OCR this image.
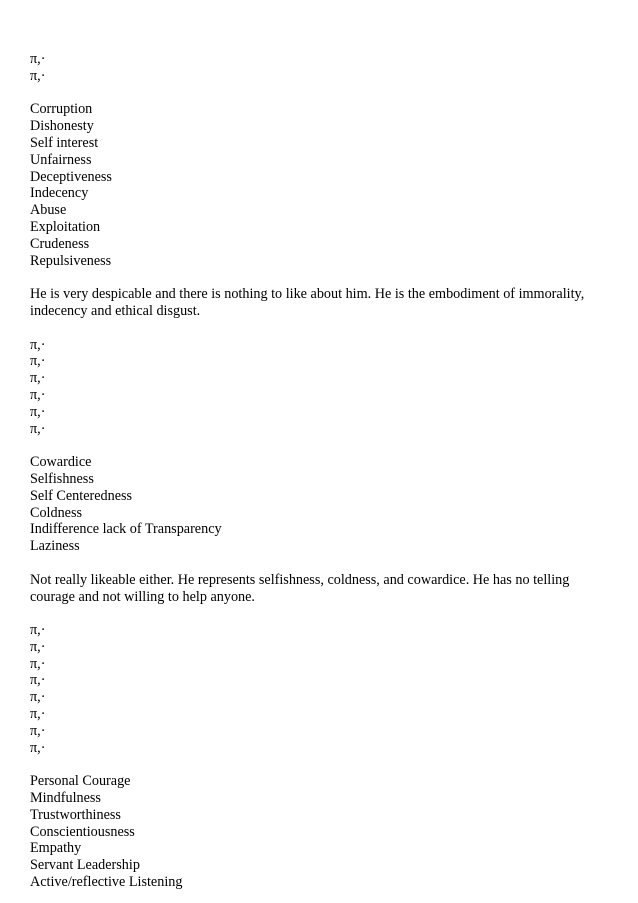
π,·
π,·
Corruption
Dishonesty
Self interest
Unfairness
Deceptiveness
Indecency
Abuse
Exploitation
Crudeness
Repulsiveness
He is very despicable and there is nothing to like about him. He is the embodiment of immorality, indecency and ethical disgust.
π,·
π,·
π,·
π,·
π,·
π,·
Cowardice
Selfishness
Self Centeredness
Coldness
Indifference lack of Transparency
Laziness
Not really likeable either. He represents selfishness, coldness, and cowardice. He has no telling courage and not willing to help anyone.
π,·
π,·
π,·
π,·
π,·
π,·
π,·
π,·
Personal Courage
Mindfulness
Trustworthiness
Conscientiousness
Empathy
Servant Leadership
Active/reflective Listening
